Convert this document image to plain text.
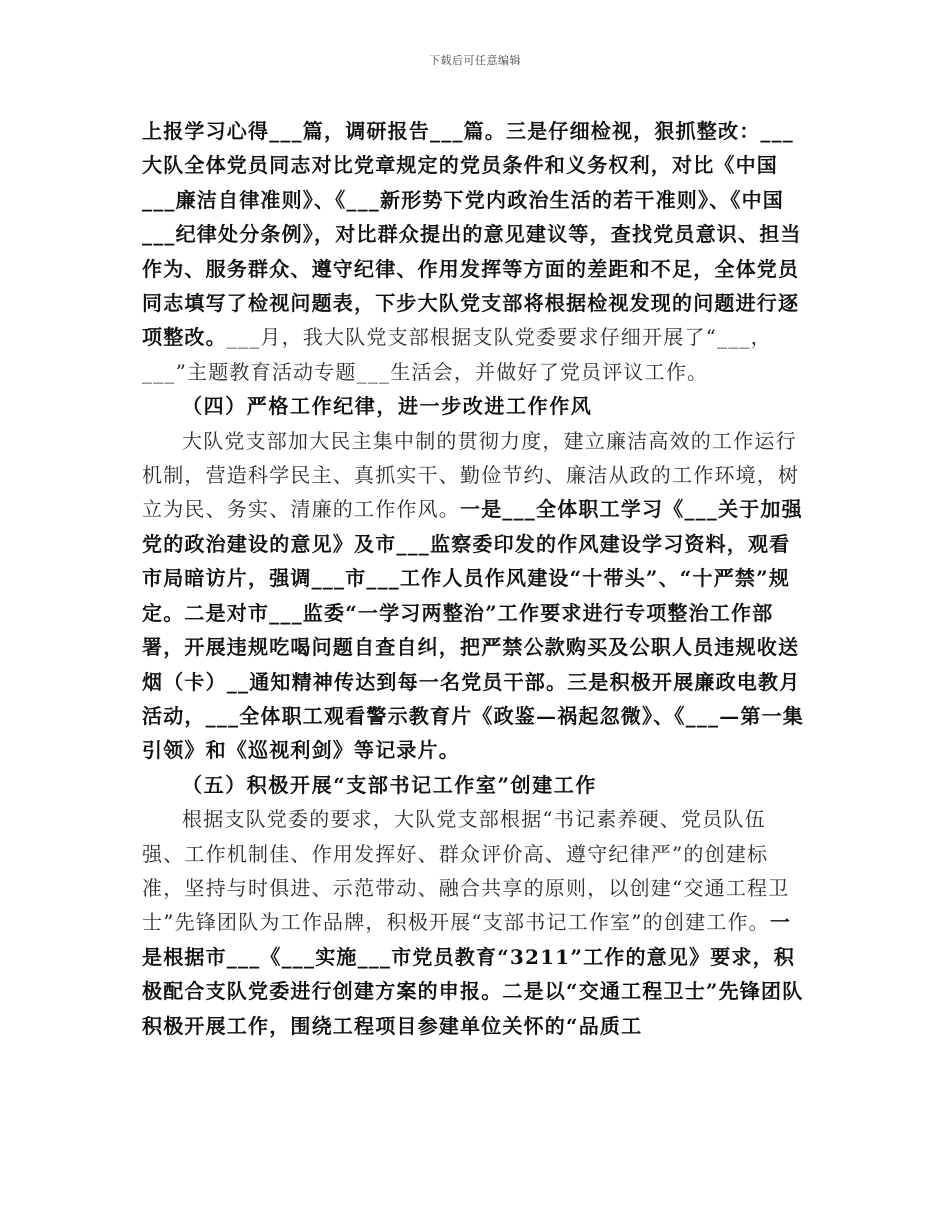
下载后可任意编辑

上报学习心得___篇，调研报告___篇。三是仔细检视，狠抓整改：___大队全体党员同志对比党章规定的党员条件和义务权利，对比《中国___廉洁自律准则》、《___新形势下党内政治生活的若干准则》、《中国___纪律处分条例》，对比群众提出的意见建议等，查找党员意识、担当作为、服务群众、遵守纪律、作用发挥等方面的差距和不足，全体党员同志填写了检视问题表，下步大队党支部将根据检视发现的问题进行逐项整改。___月，我大队党支部根据支队党委要求仔细开展了“___，___”主题教育活动专题___生活会，并做好了党员评议工作。

（四）严格工作纪律，进一步改进工作作风

大队党支部加大民主集中制的贯彻力度，建立廉洁高效的工作运行机制，营造科学民主、真抓实干、勤俭节约、廉洁从政的工作环境，树立为民、务实、清廉的工作作风。一是___全体职工学习《___关于加强党的政治建设的意见》及市___监察委印发的作风建设学习资料，观看市局暗访片，强调___市___工作人员作风建设“十带头”、“十严禁”规定。二是对市___监委“一学习两整治”工作要求进行专项整治工作部署，开展违规吃喝问题自查自纠，把严禁公款购买及公职人员违规收送烟（卡）__通知精神传达到每一名党员干部。三是积极开展廉政电教月活动，___全体职工观看警示教育片《政鉴—祸起忽微》、《___—第一集引领》和《巡视利剑》等记录片。

（五）积极开展“支部书记工作室”创建工作

根据支队党委的要求，大队党支部根据“书记素养硬、党员队伍强、工作机制佳、作用发挥好、群众评价高、遵守纪律严”的创建标准，坚持与时俱进、示范带动、融合共享的原则，以创建“交通工程卫士”先锋团队为工作品牌，积极开展“支部书记工作室”的创建工作。一是根据市___《___实施___市党员教育“3211”工作的意见》要求，积极配合支队党委进行创建方案的申报。二是以“交通工程卫士”先锋团队积极开展工作，围绕工程项目参建单位关怀的“品质工
